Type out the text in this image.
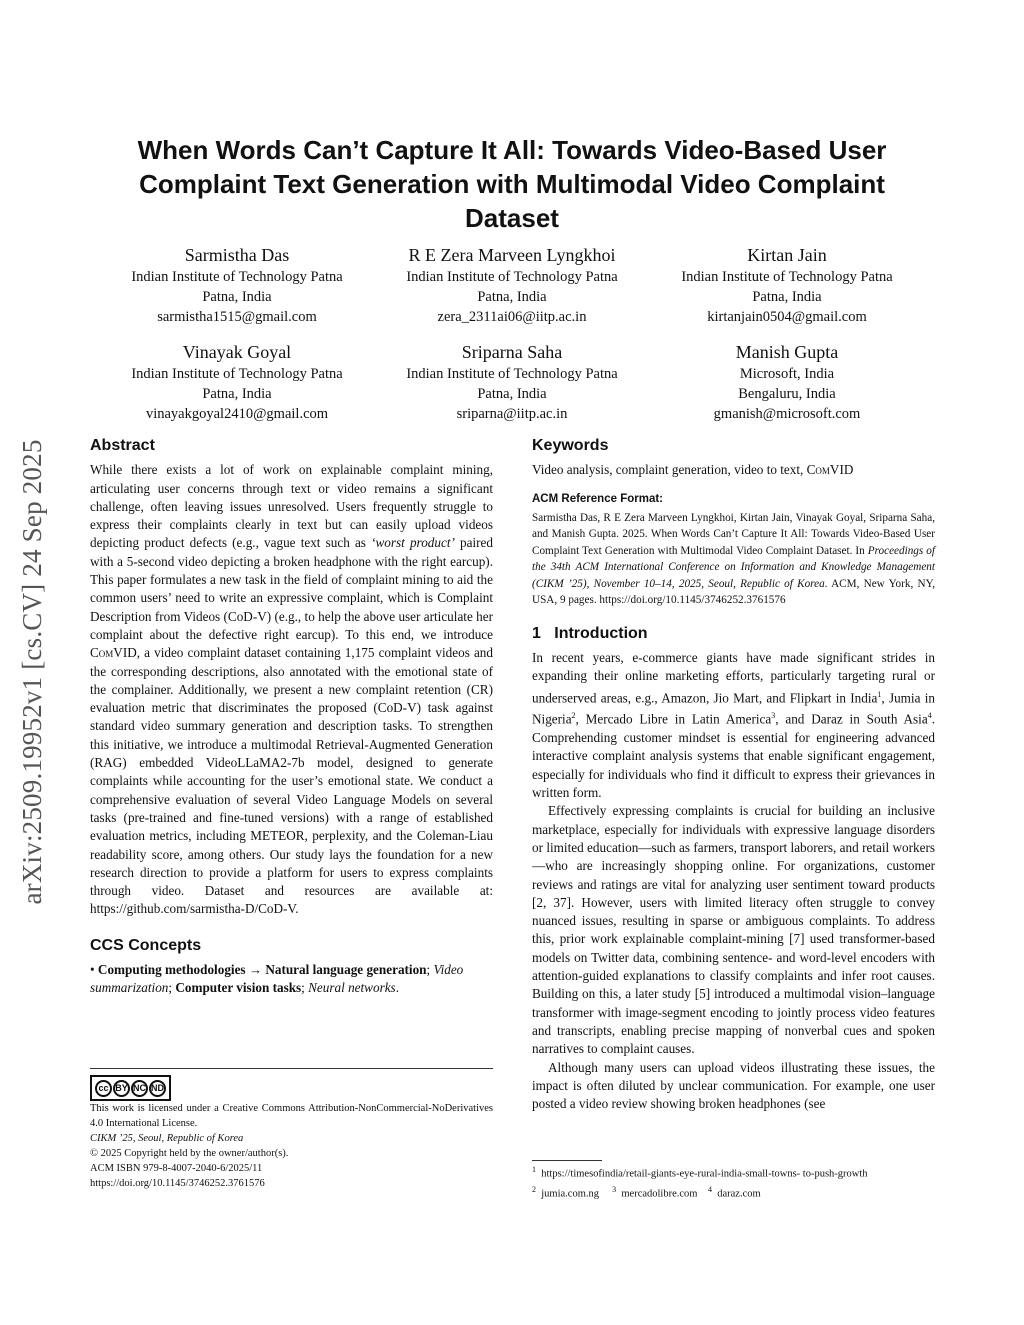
arXiv:2509.19952v1 [cs.CV] 24 Sep 2025
When Words Can’t Capture It All: Towards Video-Based User Complaint Text Generation with Multimodal Video Complaint Dataset
Sarmistha Das
Indian Institute of Technology Patna
Patna, India
sarmistha1515@gmail.com
R E Zera Marveen Lyngkhoi
Indian Institute of Technology Patna
Patna, India
zera_2311ai06@iitp.ac.in
Kirtan Jain
Indian Institute of Technology Patna
Patna, India
kirtanjain0504@gmail.com
Vinayak Goyal
Indian Institute of Technology Patna
Patna, India
vinayakgoyal2410@gmail.com
Sriparna Saha
Indian Institute of Technology Patna
Patna, India
sriparna@iitp.ac.in
Manish Gupta
Microsoft, India
Bengaluru, India
gmanish@microsoft.com
Abstract

While there exists a lot of work on explainable complaint mining, articulating user concerns through text or video remains a significant challenge, often leaving issues unresolved. Users frequently struggle to express their complaints clearly in text but can easily upload videos depicting product defects (e.g., vague text such as ‘worst product’ paired with a 5-second video depicting a broken headphone with the right earcup). This paper formulates a new task in the field of complaint mining to aid the common users’ need to write an expressive complaint, which is Complaint Description from Videos (CoD-V) (e.g., to help the above user articulate her complaint about the defective right earcup). To this end, we introduce ComVID, a video complaint dataset containing 1,175 complaint videos and the corresponding descriptions, also annotated with the emotional state of the complainer. Additionally, we present a new complaint retention (CR) evaluation metric that discriminates the proposed (CoD-V) task against standard video summary generation and description tasks. To strengthen this initiative, we introduce a multimodal Retrieval-Augmented Generation (RAG) embedded VideoLLaMA2-7b model, designed to generate complaints while accounting for the user’s emotional state. We conduct a comprehensive evaluation of several Video Language Models on several tasks (pre-trained and fine-tuned versions) with a range of established evaluation metrics, including METEOR, perplexity, and the Coleman-Liau readability score, among others. Our study lays the foundation for a new research direction to provide a platform for users to express complaints through video. Dataset and resources are available at: https://github.com/sarmistha-D/CoD-V.

CCS Concepts

• Computing methodologies → Natural language generation; Video summarization; Computer vision tasks; Neural networks.

cc BY NC ND
This work is licensed under a Creative Commons Attribution-NonCommercial-NoDerivatives 4.0 International License.
CIKM ’25, Seoul, Republic of Korea
© 2025 Copyright held by the owner/author(s).
ACM ISBN 979-8-4007-2040-6/2025/11
https://doi.org/10.1145/3746252.3761576
Keywords

Video analysis, complaint generation, video to text, ComVID

ACM Reference Format:

Sarmistha Das, R E Zera Marveen Lyngkhoi, Kirtan Jain, Vinayak Goyal, Sriparna Saha, and Manish Gupta. 2025. When Words Can’t Capture It All: Towards Video-Based User Complaint Text Generation with Multimodal Video Complaint Dataset. In Proceedings of the 34th ACM International Conference on Information and Knowledge Management (CIKM ’25), November 10–14, 2025, Seoul, Republic of Korea. ACM, New York, NY, USA, 9 pages. https://doi.org/10.1145/3746252.3761576

1 Introduction

In recent years, e-commerce giants have made significant strides in expanding their online marketing efforts, particularly targeting rural or underserved areas, e.g., Amazon, Jio Mart, and Flipkart in India$^1$, Jumia in Nigeria$^2$, Mercado Libre in Latin America$^3$, and Daraz in South Asia$^4$. Comprehending customer mindset is essential for engineering advanced interactive complaint analysis systems that enable significant engagement, especially for individuals who find it difficult to express their grievances in written form.

Effectively expressing complaints is crucial for building an inclusive marketplace, especially for individuals with expressive language disorders or limited education—such as farmers, transport laborers, and retail workers—who are increasingly shopping online. For organizations, customer reviews and ratings are vital for analyzing user sentiment toward products [2, 37]. However, users with limited literacy often struggle to convey nuanced issues, resulting in sparse or ambiguous complaints. To address this, prior work explainable complaint-mining [7] used transformer-based models on Twitter data, combining sentence- and word-level encoders with attention-guided explanations to classify complaints and infer root causes. Building on this, a later study [5] introduced a multimodal vision–language transformer with image-segment encoding to jointly process video features and transcripts, enabling precise mapping of nonverbal cues and spoken narratives to complaint causes.

Although many users can upload videos illustrating these issues, the impact is often diluted by unclear communication. For example, one user posted a video review showing broken headphones (see

$^1$ https://timesofindia/retail-giants-eye-rural-india-small-towns- to-push-growth
$^2$ jumia.com.ng $^3$ mercadolibre.com $^4$ daraz.com
